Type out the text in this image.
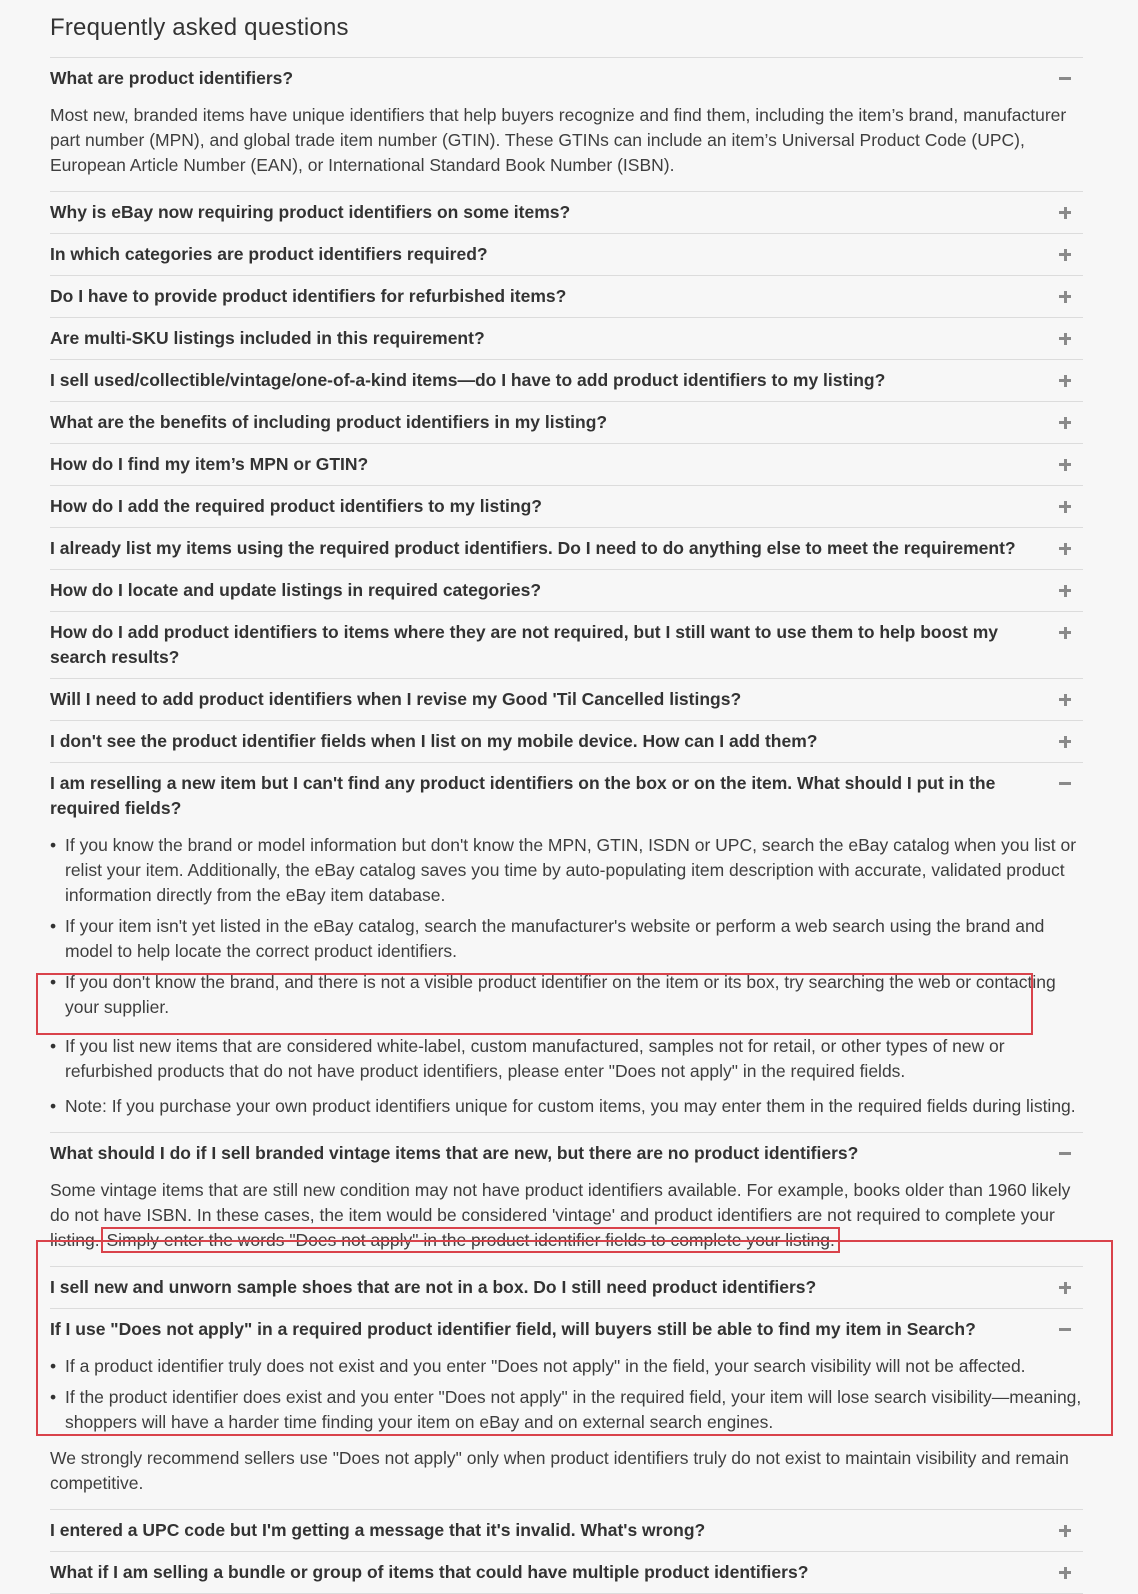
Frequently asked questions
What are product identifiers?

Most new, branded items have unique identifiers that help buyers recognize and find them, including the item’s brand, manufacturer part number (MPN), and global trade item number (GTIN). These GTINs can include an item’s Universal Product Code (UPC), European Article Number (EAN), or International Standard Book Number (ISBN).

Why is eBay now requiring product identifiers on some items?
In which categories are product identifiers required?
Do I have to provide product identifiers for refurbished items?
Are multi-SKU listings included in this requirement?
I sell used/collectible/vintage/one-of-a-kind items—do I have to add product identifiers to my listing?
What are the benefits of including product identifiers in my listing?
How do I find my item’s MPN or GTIN?
How do I add the required product identifiers to my listing?
I already list my items using the required product identifiers. Do I need to do anything else to meet the requirement?
How do I locate and update listings in required categories?
How do I add product identifiers to items where they are not required, but I still want to use them to help boost my search results?
Will I need to add product identifiers when I revise my Good 'Til Cancelled listings?
I don't see the product identifier fields when I list on my mobile device. How can I add them?
I am reselling a new item but I can't find any product identifiers on the box or on the item. What should I put in the required fields?
• If you know the brand or model information but don't know the MPN, GTIN, ISDN or UPC, search the eBay catalog when you list or relist your item. Additionally, the eBay catalog saves you time by auto-populating item description with accurate, validated product information directly from the eBay item database.
• If your item isn't yet listed in the eBay catalog, search the manufacturer's website or perform a web search using the brand and model to help locate the correct product identifiers.
• If you don't know the brand, and there is not a visible product identifier on the item or its box, try searching the web or contacting your supplier.
• If you list new items that are considered white-label, custom manufactured, samples not for retail, or other types of new or refurbished products that do not have product identifiers, please enter "Does not apply" in the required fields.
• Note: If you purchase your own product identifiers unique for custom items, you may enter them in the required fields during listing.
What should I do if I sell branded vintage items that are new, but there are no product identifiers?

Some vintage items that are still new condition may not have product identifiers available. For example, books older than 1960 likely do not have ISBN. In these cases, the item would be considered 'vintage' and product identifiers are not required to complete your listing. Simply enter the words "Does not apply" in the product identifier fields to complete your listing.

I sell new and unworn sample shoes that are not in a box. Do I still need product identifiers?
If I use "Does not apply" in a required product identifier field, will buyers still be able to find my item in Search?
• If a product identifier truly does not exist and you enter "Does not apply" in the field, your search visibility will not be affected.
• If the product identifier does exist and you enter "Does not apply" in the required field, your item will lose search visibility—meaning, shoppers will have a harder time finding your item on eBay and on external search engines.

We strongly recommend sellers use "Does not apply" only when product identifiers truly do not exist to maintain visibility and remain competitive.

I entered a UPC code but I'm getting a message that it's invalid. What's wrong?
What if I am selling a bundle or group of items that could have multiple product identifiers?
